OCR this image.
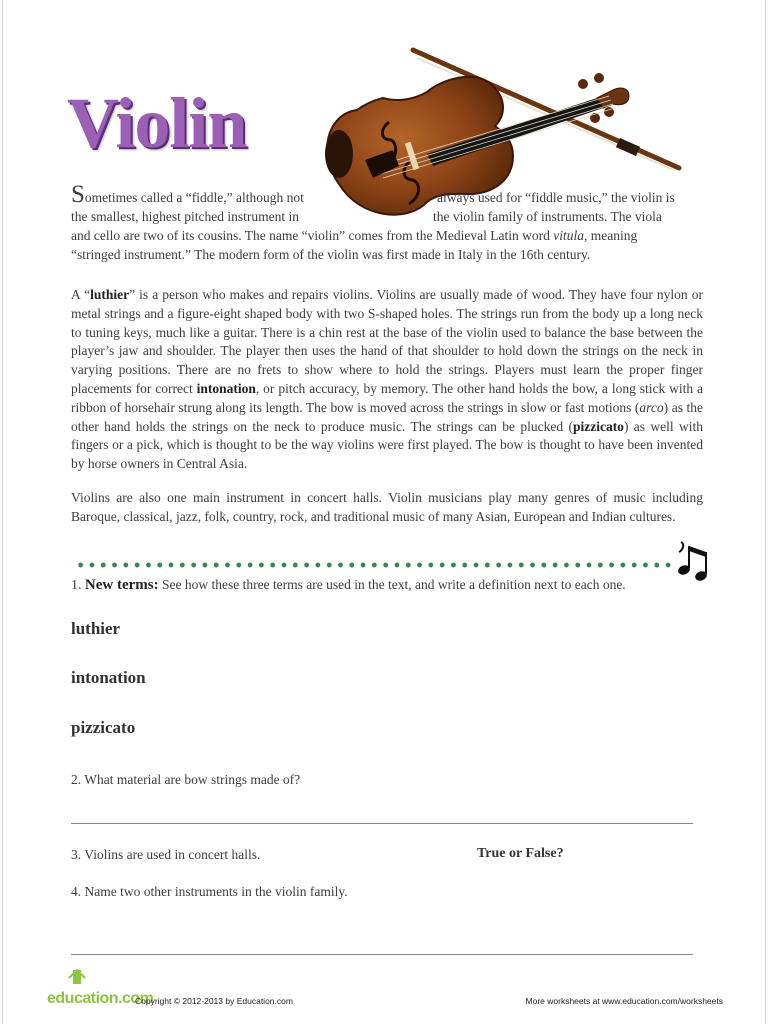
Violin
Sometimes called a “fiddle,” although not	always used for “fiddle music,” the violin is
the smallest, highest pitched instrument in	the violin family of instruments. The viola
and cello are two of its cousins. The name “violin” comes from the Medieval Latin word vitula, meaning
“stringed instrument.” The modern form of the violin was first made in Italy in the 16th century.
A “luthier” is a person who makes and repairs violins. Violins are usually made of wood. They have four nylon or metal strings and a figure-eight shaped body with two S-shaped holes. The strings run from the body up a long neck to tuning keys, much like a guitar. There is a chin rest at the base of the violin used to balance the base between the player’s jaw and shoulder. The player then uses the hand of that shoulder to hold down the strings on the neck in varying positions. There are no frets to show where to hold the strings. Players must learn the proper finger placements for correct intonation, or pitch accuracy, by memory. The other hand holds the bow, a long stick with a ribbon of horsehair strung along its length. The bow is moved across the strings in slow or fast motions (arco) as the other hand holds the strings on the neck to produce music. The strings can be plucked (pizzicato) as well with fingers or a pick, which is thought to be the way violins were first played. The bow is thought to have been invented by horse owners in Central Asia.
Violins are also one main instrument in concert halls. Violin musicians play many genres of music including Baroque, classical, jazz, folk, country, rock, and traditional music of many Asian, European and Indian cultures.
1. New terms: See how these three terms are used in the text, and write a definition next to each one.
luthier
intonation
pizzicato
2. What material are bow strings made of?
3. Violins are used in concert halls.	True or False?
4. Name two other instruments in the violin family.
education.com
Copyright © 2012-2013 by Education.com	More worksheets at www.education.com/worksheets
